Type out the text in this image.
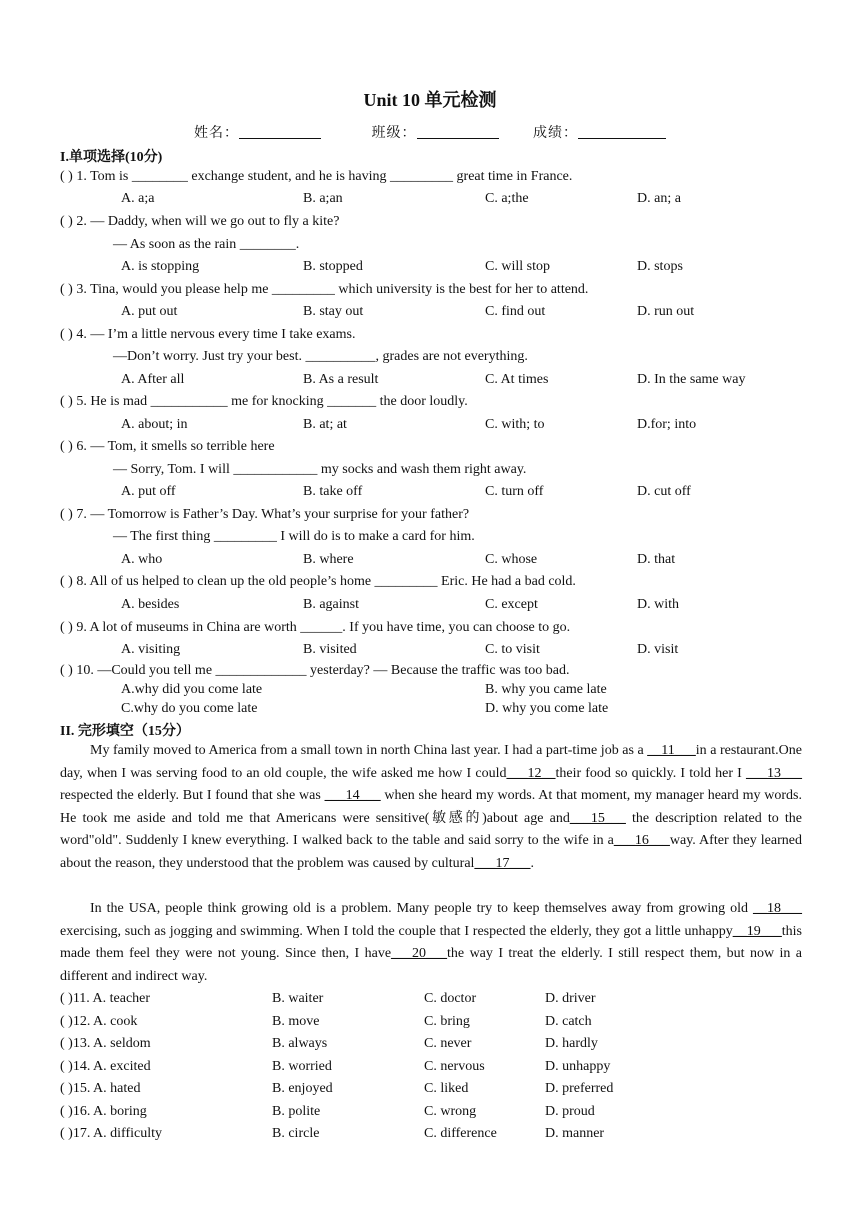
Unit 10 单元检测
姓名：	班级：	成绩：
I.单项选择(10分)
( ) 1. Tom is ________ exchange student, and he is having _________ great time in France.
A. a;a	B. a;an	C. a;the	D. an; a
( ) 2. — Daddy, when will we go out to fly a kite?
— As soon as the rain ________.
A. is stopping	B. stopped	C. will stop	D. stops
( ) 3. Tina, would you please help me _________ which university is the best for her to attend.
A. put out	B. stay out	C. find out	D. run out
( ) 4. — I’m a little nervous every time I take exams.
—Don’t worry. Just try your best. __________, grades are not everything.
A. After all	B. As a result	C. At times	D. In the same way
( ) 5. He is mad ___________ me for knocking _______ the door loudly.
A. about; in	B. at; at	C. with; to	D.for; into
( ) 6. — Tom, it smells so terrible here
— Sorry, Tom. I will ____________ my socks and wash them right away.
A. put off	B. take off	C. turn off	D. cut off
( ) 7. — Tomorrow is Father’s Day. What’s your surprise for your father?
— The first thing _________ I will do is to make a card for him.
A. who	B. where	C. whose	D. that
( ) 8. All of us helped to clean up the old people’s home _________ Eric. He had a bad cold.
A. besides	B. against	C. except	D. with
( ) 9. A lot of museums in China are worth ______. If you have time, you can choose to go.
A. visiting	B. visited	C. to visit	D. visit
( ) 10. —Could you tell me _____________ yesterday? — Because the traffic was too bad.
A.why did you come late	B. why you came late
C.why do you come late	D. why you come late
II. 完形填空（15分）
My family moved to America from a small town in north China last year. I had a part-time job as a __11___in a restaurant.One day, when I was serving food to an old couple, the wife asked me how I could___12__their food so quickly. I told her I ___13___ respected the elderly. But I found that she was ___14___ when she heard my words. At that moment, my manager heard my words. He took me aside and told me that Americans were sensitive(敏感的)about age and___15___ the description related to the word"old". Suddenly I knew everything. I walked back to the table and said sorry to the wife in a___16___way. After they learned about the reason, they understood that the problem was caused by cultural___17___.
In the USA, people think growing old is a problem. Many people try to keep themselves away from growing old __18___ exercising, such as jogging and swimming. When I told the couple that I respected the elderly, they got a little unhappy__19___this made them feel they were not young. Since then, I have___20___the way I treat the elderly. I still respect them, but now in a different and indirect way.
( )11. A. teacher	B. waiter	C. doctor	D. driver
( )12. A. cook	B. move	C. bring	D. catch
( )13. A. seldom	B. always	C. never	D. hardly
( )14. A. excited	B. worried	C. nervous	D. unhappy
( )15. A. hated	B. enjoyed	C. liked	D. preferred
( )16. A. boring	B. polite	C. wrong	D. proud
( )17. A. difficulty	B. circle	C. difference	D. manner
